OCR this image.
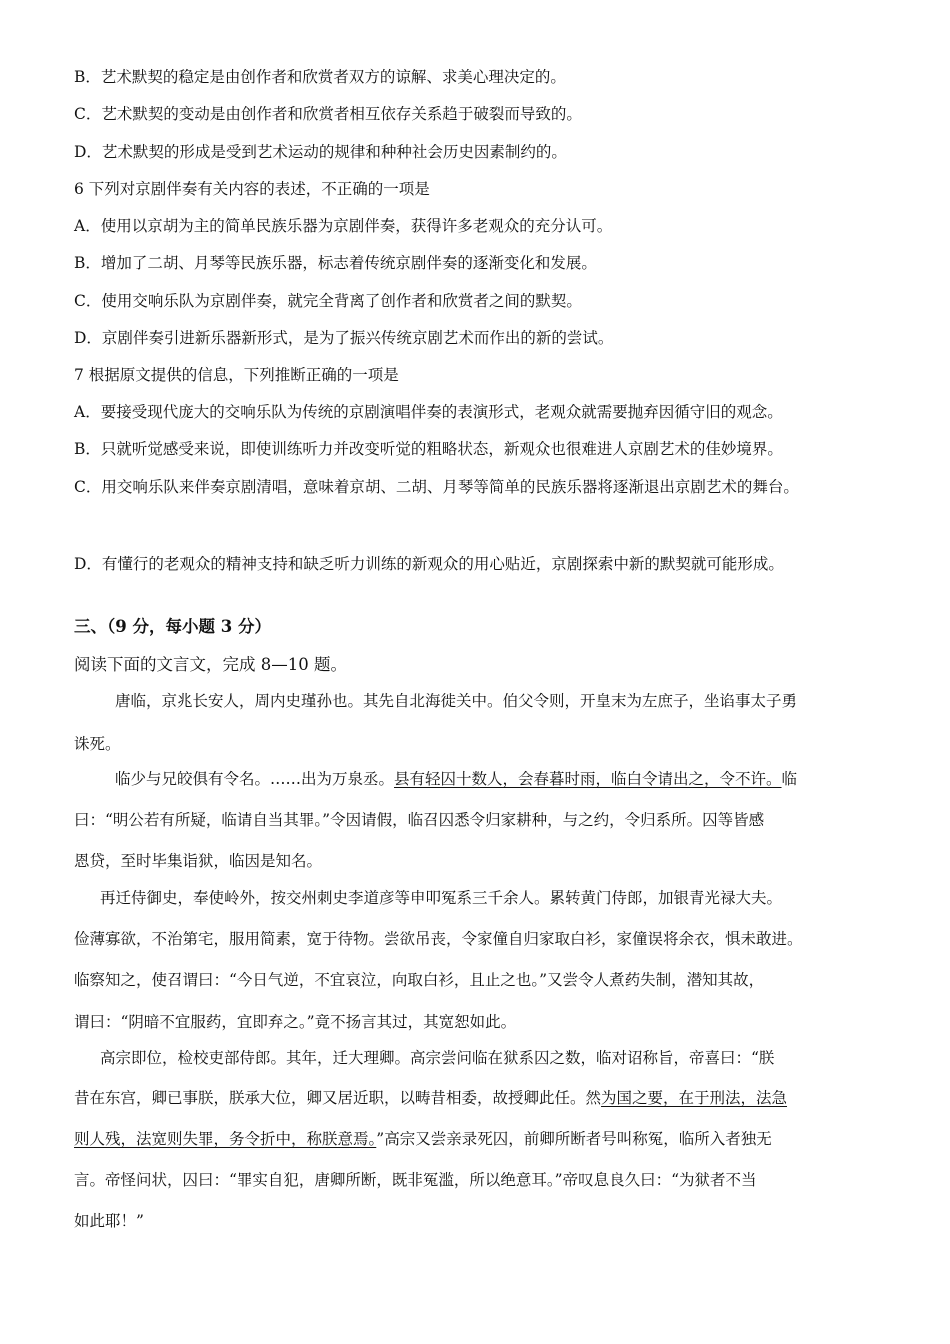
B．艺术默契的稳定是由创作者和欣赏者双方的谅解、求美心理决定的。
C．艺术默契的变动是由创作者和欣赏者相互依存关系趋于破裂而导致的。
D．艺术默契的形成是受到艺术运动的规律和种种社会历史因素制约的。
6 下列对京剧伴奏有关内容的表述，不正确的一项是
A．使用以京胡为主的简单民族乐器为京剧伴奏，获得许多老观众的充分认可。
B．增加了二胡、月琴等民族乐器，标志着传统京剧伴奏的逐渐变化和发展。
C．使用交响乐队为京剧伴奏，就完全背离了创作者和欣赏者之间的默契。
D．京剧伴奏引进新乐器新形式，是为了振兴传统京剧艺术而作出的新的尝试。
7 根据原文提供的信息，下列推断正确的一项是
A．要接受现代庞大的交响乐队为传统的京剧演唱伴奏的表演形式，老观众就需要抛弃因循守旧的观念。
B．只就听觉感受来说，即使训练听力并改变听觉的粗略状态，新观众也很难进人京剧艺术的佳妙境界。
C．用交响乐队来伴奏京剧清唱，意味着京胡、二胡、月琴等简单的民族乐器将逐渐退出京剧艺术的舞台。
D．有懂行的老观众的精神支持和缺乏听力训练的新观众的用心贴近，京剧探索中新的默契就可能形成。
三、（9 分，每小题 3 分）
阅读下面的文言文，完成 8—10 题。
唐临，京兆长安人，周内史瑾孙也。其先自北海徙关中。伯父令则，开皇末为左庶子，坐谄事太子勇
诛死。
临少与兄皎俱有令名。……出为万泉丞。县有轻囚十数人，会春暮时雨，临白令请出之，令不许。临
曰：“明公若有所疑，临请自当其罪。”令因请假，临召囚悉令归家耕种，与之约，令归系所。囚等皆感
恩贷，至时毕集诣狱，临因是知名。
再迁侍御史，奉使岭外，按交州刺史李道彦等申叩冤系三千余人。累转黄门侍郎，加银青光禄大夫。
俭薄寡欲，不治第宅，服用简素，宽于待物。尝欲吊丧，令家僮自归家取白衫，家僮误将余衣，惧未敢进。
临察知之，使召谓曰：“今日气逆，不宜哀泣，向取白衫，且止之也。”又尝令人煮药失制，潜知其故，
谓曰：“阴暗不宜服药，宜即弃之。”竟不扬言其过，其宽恕如此。
高宗即位，检校吏部侍郎。其年，迁大理卿。高宗尝问临在狱系囚之数，临对诏称旨，帝喜曰：“朕
昔在东宫，卿已事朕，朕承大位，卿又居近职，以畴昔相委，故授卿此任。然为国之要，在于刑法，法急
则人残，法宽则失罪，务令折中，称朕意焉。”高宗又尝亲录死囚，前卿所断者号叫称冤，临所入者独无
言。帝怪问状，囚曰：“罪实自犯，唐卿所断，既非冤滥，所以绝意耳。”帝叹息良久曰：“为狱者不当
如此耶！”
